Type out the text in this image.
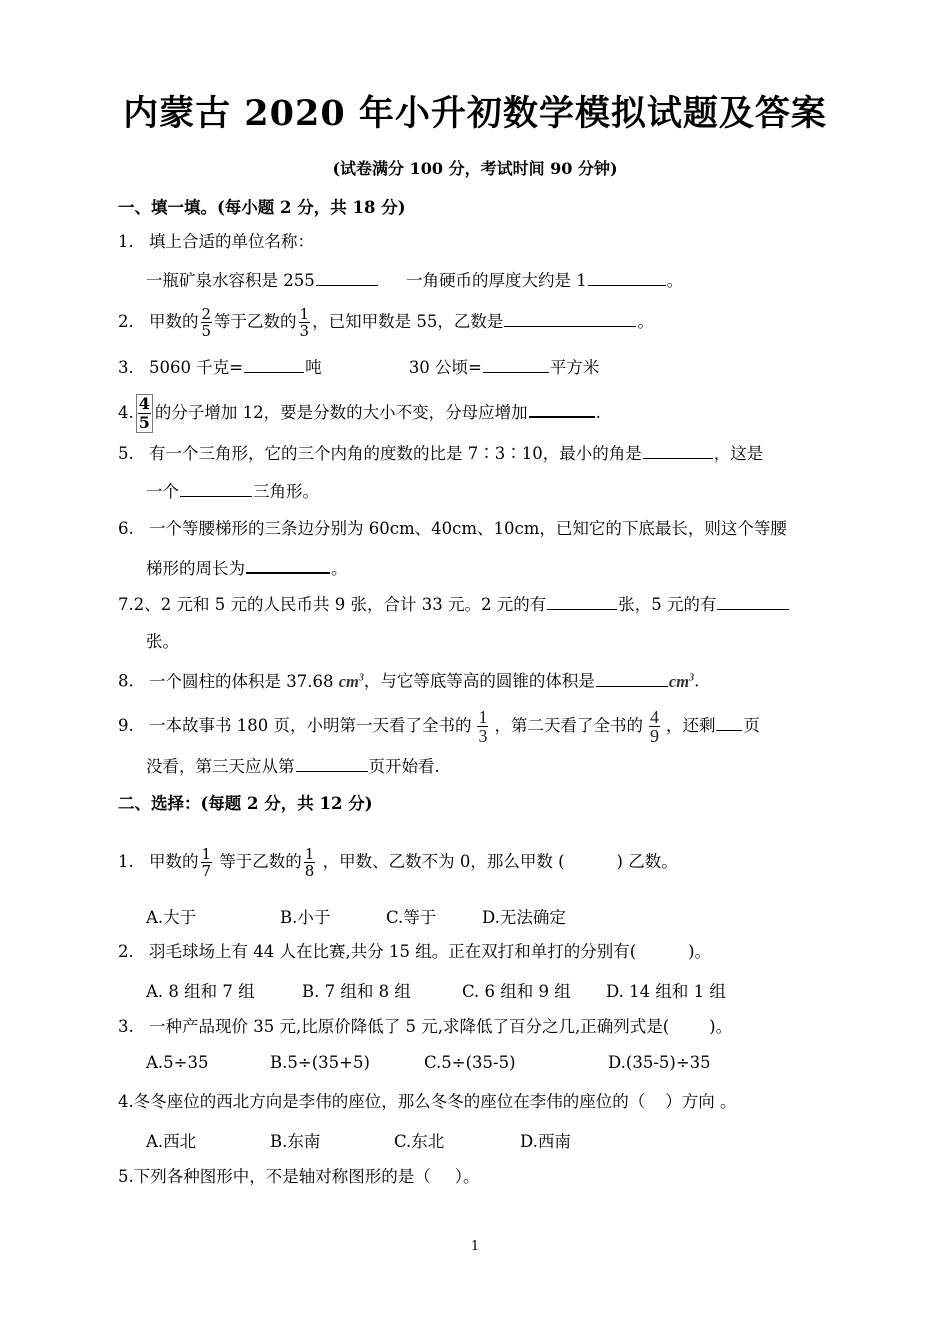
内蒙古 2020 年小升初数学模拟试题及答案
(试卷满分 100 分，考试时间 90 分钟)
一、填一填。(每小题 2 分，共 18 分)
1. 填上合适的单位名称：
一瓶矿泉水容积是 255	一角硬币的厚度大约是 1	。
2. 甲数的 $\frac{2}{5}$ 等于乙数的 $\frac{1}{3}$ ，已知甲数是 55，乙数是	。
3. 5060 千克=	吨	30 公顷=	平方米
4. $\frac{4}{5}$ 的分子增加 12，要是分数的大小不变，分母应增加	.
5. 有一个三角形，它的三个内角的度数的比是 7∶3∶10，最小的角是	，这是
一个	三角形。
6. 一个等腰梯形的三条边分别为 60cm、40cm、10cm，已知它的下底最长，则这个等腰
梯形的周长为	。
7.2、2 元和 5 元的人民币共 9 张，合计 33 元。2 元的有	张，5 元的有
张。
8. 一个圆柱的体积是 37.68 $cm^3$，与它等底等高的圆锥的体积是	$cm^3$.
9. 一本故事书 180 页，小明第一天看了全书的 $\frac{1}{3}$ ，第二天看了全书的 $\frac{4}{9}$ ，还剩 页
没看，第三天应从第	页开始看.
二、选择：(每题 2 分，共 12 分)
1. 甲数的 $\frac{1}{7}$ 等于乙数的 $\frac{1}{8}$ ，甲数、乙数不为 0，那么甲数 (	) 乙数。
A.大于	B.小于	C.等于	D.无法确定
2. 羽毛球场上有 44 人在比赛,共分 15 组。正在双打和单打的分别有(	)。
A. 8 组和 7 组	B. 7 组和 8 组	C. 6 组和 9 组 D. 14 组和 1 组
3. 一种产品现价 35 元,比原价降低了 5 元,求降低了百分之几,正确列式是( )。
A.5÷35	B.5÷(35+5)	C.5÷(35-5)	D.(35-5)÷35
4.冬冬座位的西北方向是李伟的座位，那么冬冬的座位在李伟的座位的（ ）方向 。
A.西北	B.东南	C.东北	D.西南
5.下列各种图形中，不是轴对称图形的是（ ）。
1
